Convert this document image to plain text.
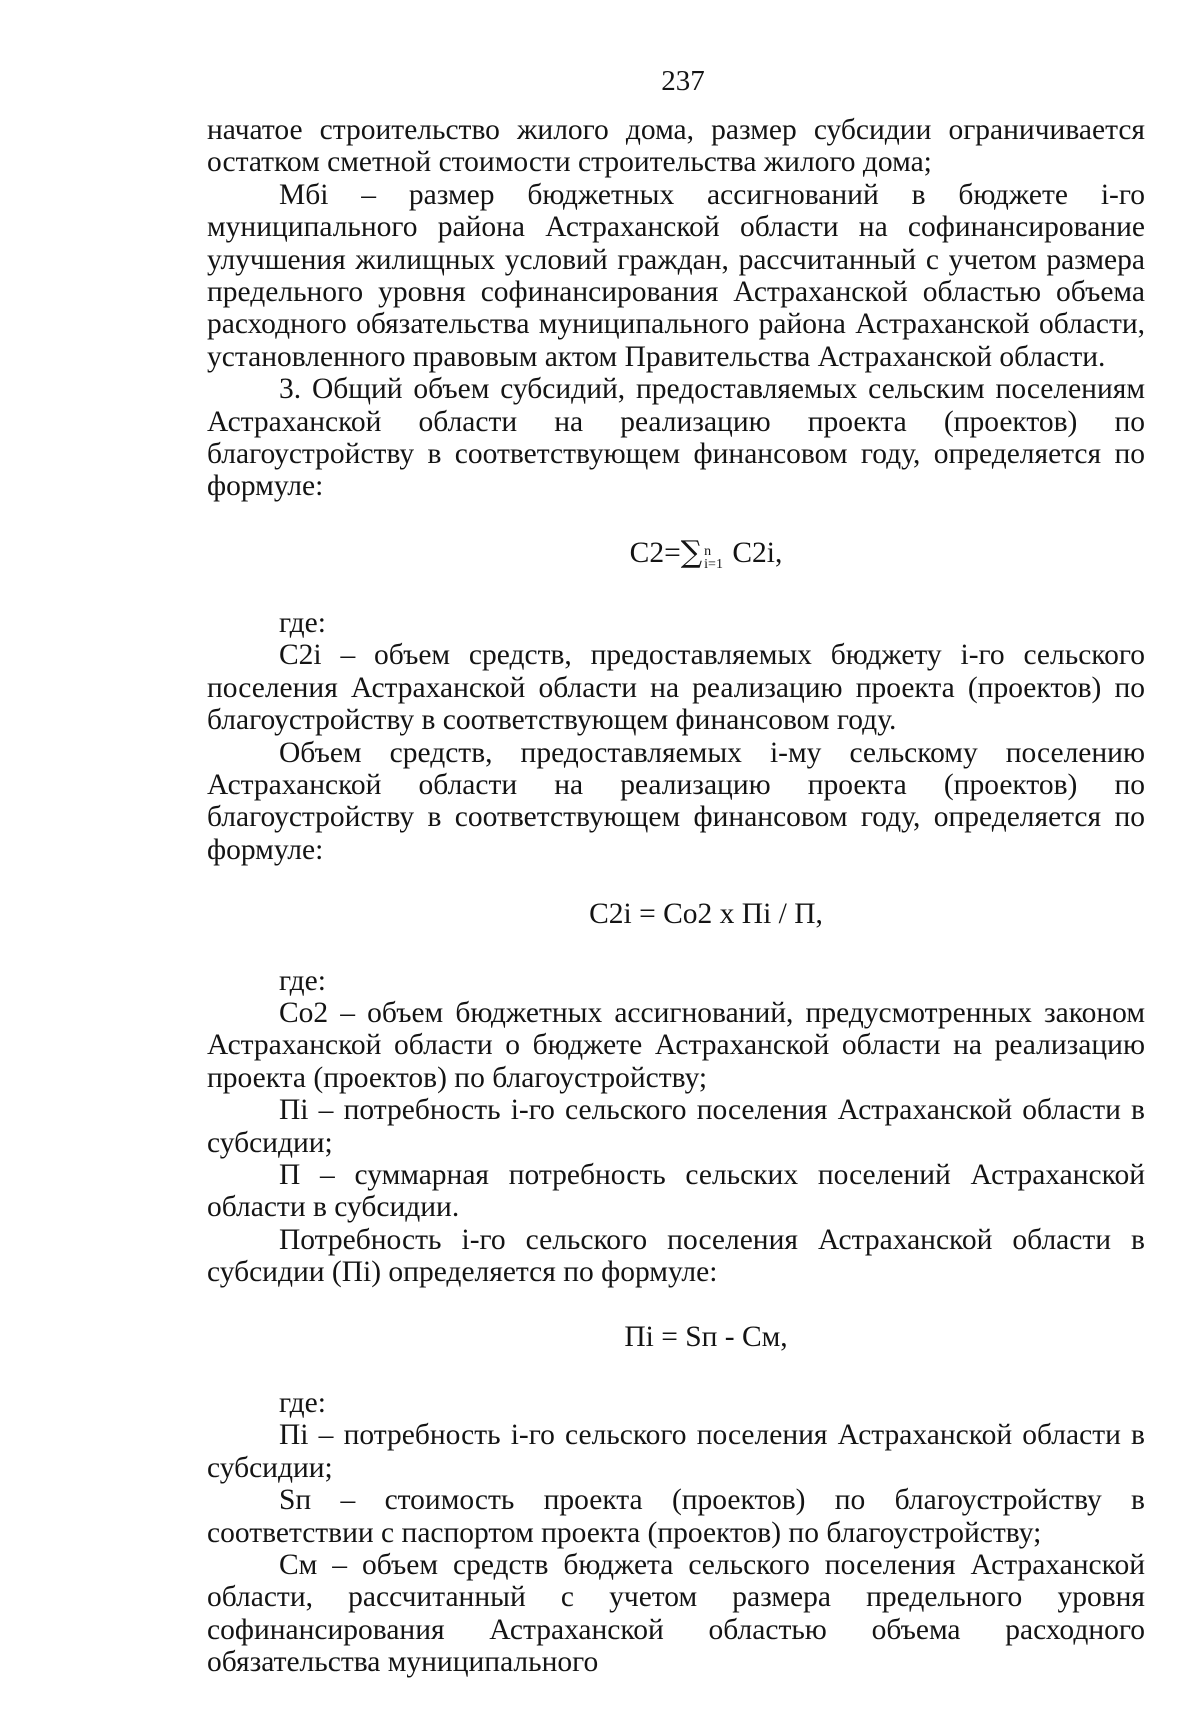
237

начатое строительство жилого дома, размер субсидии ограничивается остатком сметной стоимости строительства жилого дома;

Мбi – размер бюджетных ассигнований в бюджете i-го муниципального района Астраханской области на софинансирование улучшения жилищных условий граждан, рассчитанный с учетом размера предельного уровня софинансирования Астраханской областью объема расходного обязательства муниципального района Астраханской области, установленного правовым актом Правительства Астраханской области.

3. Общий объем субсидий, предоставляемых сельским поселениям Астраханской области на реализацию проекта (проектов) по благоустройству в соответствующем финансовом году, определяется по формуле:

C2=∑ n
i=1 C2i,

где:

C2i – объем средств, предоставляемых бюджету i-го сельского поселения Астраханской области на реализацию проекта (проектов) по благоустройству в соответствующем финансовом году.

Объем средств, предоставляемых i-му сельскому поселению Астраханской области на реализацию проекта (проектов) по благоустройству в соответствующем финансовом году, определяется по формуле:

C2i = Co2 x Пi / П,

где:

Co2 – объем бюджетных ассигнований, предусмотренных законом Астраханской области о бюджете Астраханской области на реализацию проекта (проектов) по благоустройству;

Пi – потребность i-го сельского поселения Астраханской области в субсидии;

П – суммарная потребность сельских поселений Астраханской области в субсидии.

Потребность i-го сельского поселения Астраханской области в субсидии (Пi) определяется по формуле:

Пi = Sп - См,

где:

Пi – потребность i-го сельского поселения Астраханской области в субсидии;

Sп – стоимость проекта (проектов) по благоустройству в соответствии с паспортом проекта (проектов) по благоустройству;

См – объем средств бюджета сельского поселения Астраханской области, рассчитанный с учетом размера предельного уровня софинансирования Астраханской областью объема расходного обязательства муниципального
